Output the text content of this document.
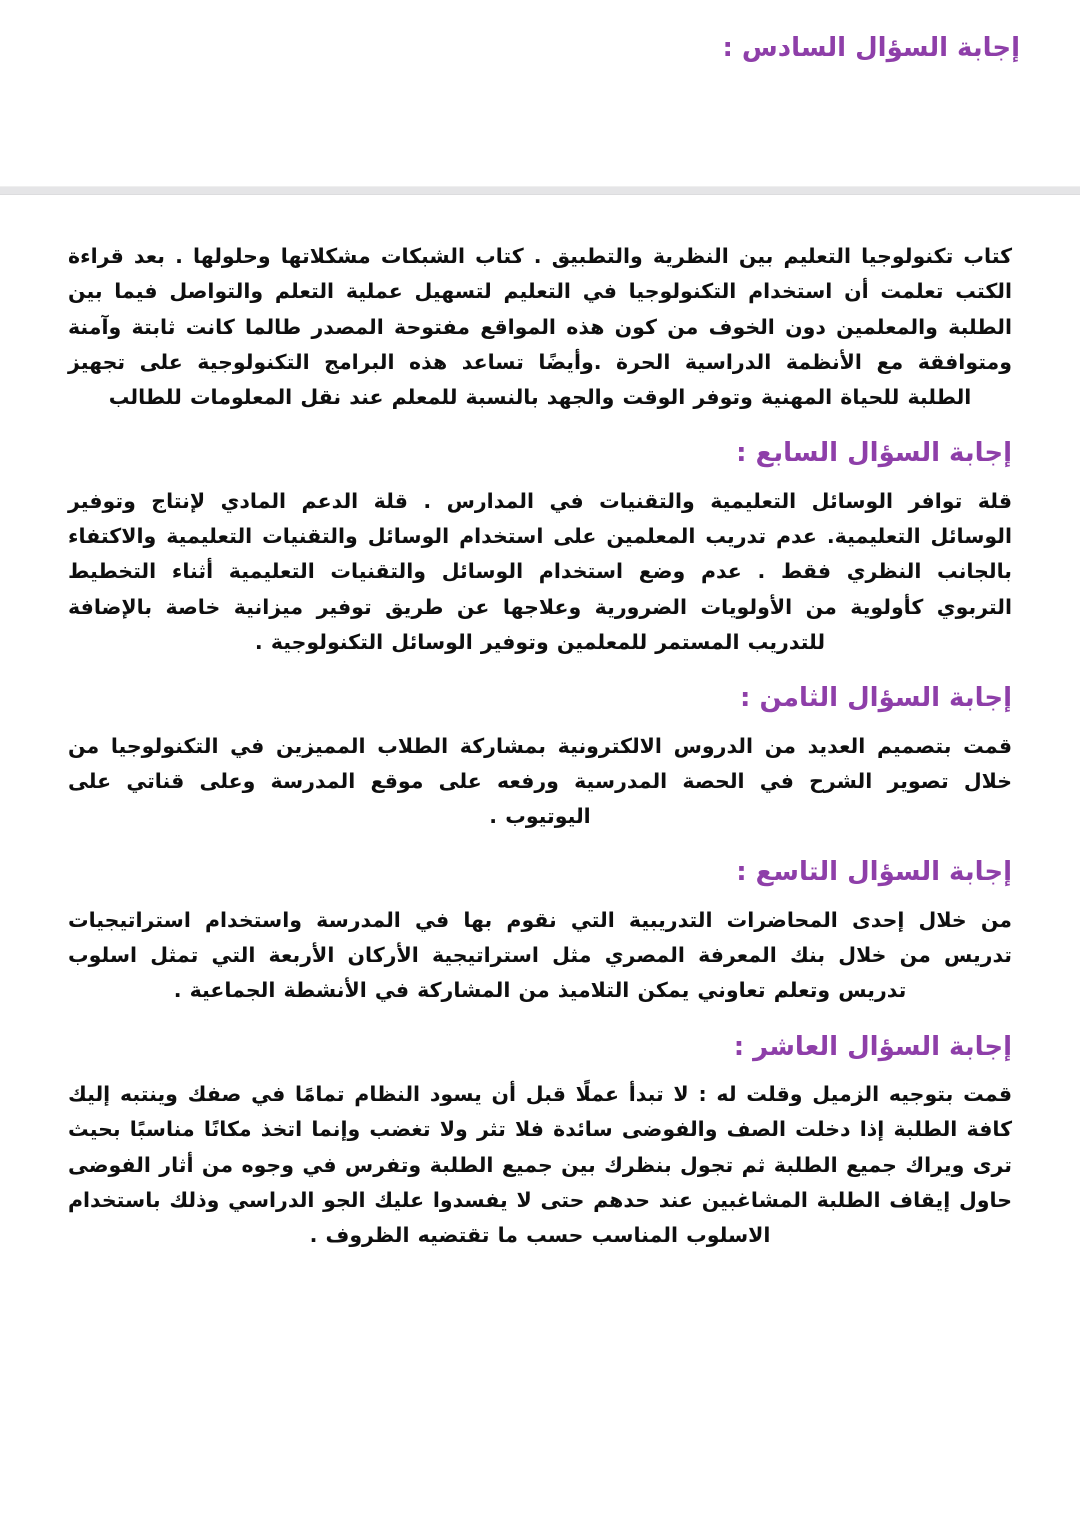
إجابة السؤال السادس :

كتاب تكنولوجيا التعليم بين النظرية والتطبيق . كتاب الشبكات مشكلاتها وحلولها . بعد قراءة الكتب تعلمت أن استخدام التكنولوجيا في التعليم لتسهيل عملية التعلم والتواصل فيما بين الطلبة والمعلمين دون الخوف من كون هذه المواقع مفتوحة المصدر طالما كانت ثابتة وآمنة ومتوافقة مع الأنظمة الدراسية الحرة .وأيضًا تساعد هذه البرامج التكنولوجية على تجهيز الطلبة للحياة المهنية وتوفر الوقت والجهد بالنسبة للمعلم عند نقل المعلومات للطالب

إجابة السؤال السابع :

قلة توافر الوسائل التعليمية والتقنيات في المدارس . قلة الدعم المادي لإنتاج وتوفير الوسائل التعليمية. عدم تدريب المعلمين على استخدام الوسائل والتقنيات التعليمية والاكتفاء بالجانب النظري فقط . عدم وضع استخدام الوسائل والتقنيات التعليمية أثناء التخطيط التربوي كأولوية من الأولويات الضرورية وعلاجها عن طريق توفير ميزانية خاصة بالإضافة للتدريب المستمر للمعلمين وتوفير الوسائل التكنولوجية .

إجابة السؤال الثامن :

قمت بتصميم العديد من الدروس الالكترونية بمشاركة الطلاب المميزين في التكنولوجيا من خلال تصوير الشرح في الحصة المدرسية ورفعه على موقع المدرسة وعلى قناتي على اليوتيوب .

إجابة السؤال التاسع :

من خلال إحدى المحاضرات التدريبية التي نقوم بها في المدرسة واستخدام استراتيجيات تدريس من خلال بنك المعرفة المصري مثل استراتيجية الأركان الأربعة التي تمثل اسلوب تدريس وتعلم تعاوني يمكن التلاميذ من المشاركة في الأنشطة الجماعية .

إجابة السؤال العاشر :

قمت بتوجيه الزميل وقلت له : لا تبدأ عملًا قبل أن يسود النظام تمامًا في صفك وينتبه إليك كافة الطلبة إذا دخلت الصف والفوضى سائدة فلا تثر ولا تغضب وإنما اتخذ مكانًا مناسبًا بحيث ترى ويراك جميع الطلبة ثم تجول بنظرك بين جميع الطلبة وتفرس في وجوه من أثار الفوضى حاول إيقاف الطلبة المشاغبين عند حدهم حتى لا يفسدوا عليك الجو الدراسي وذلك باستخدام الاسلوب المناسب حسب ما تقتضيه الظروف .
